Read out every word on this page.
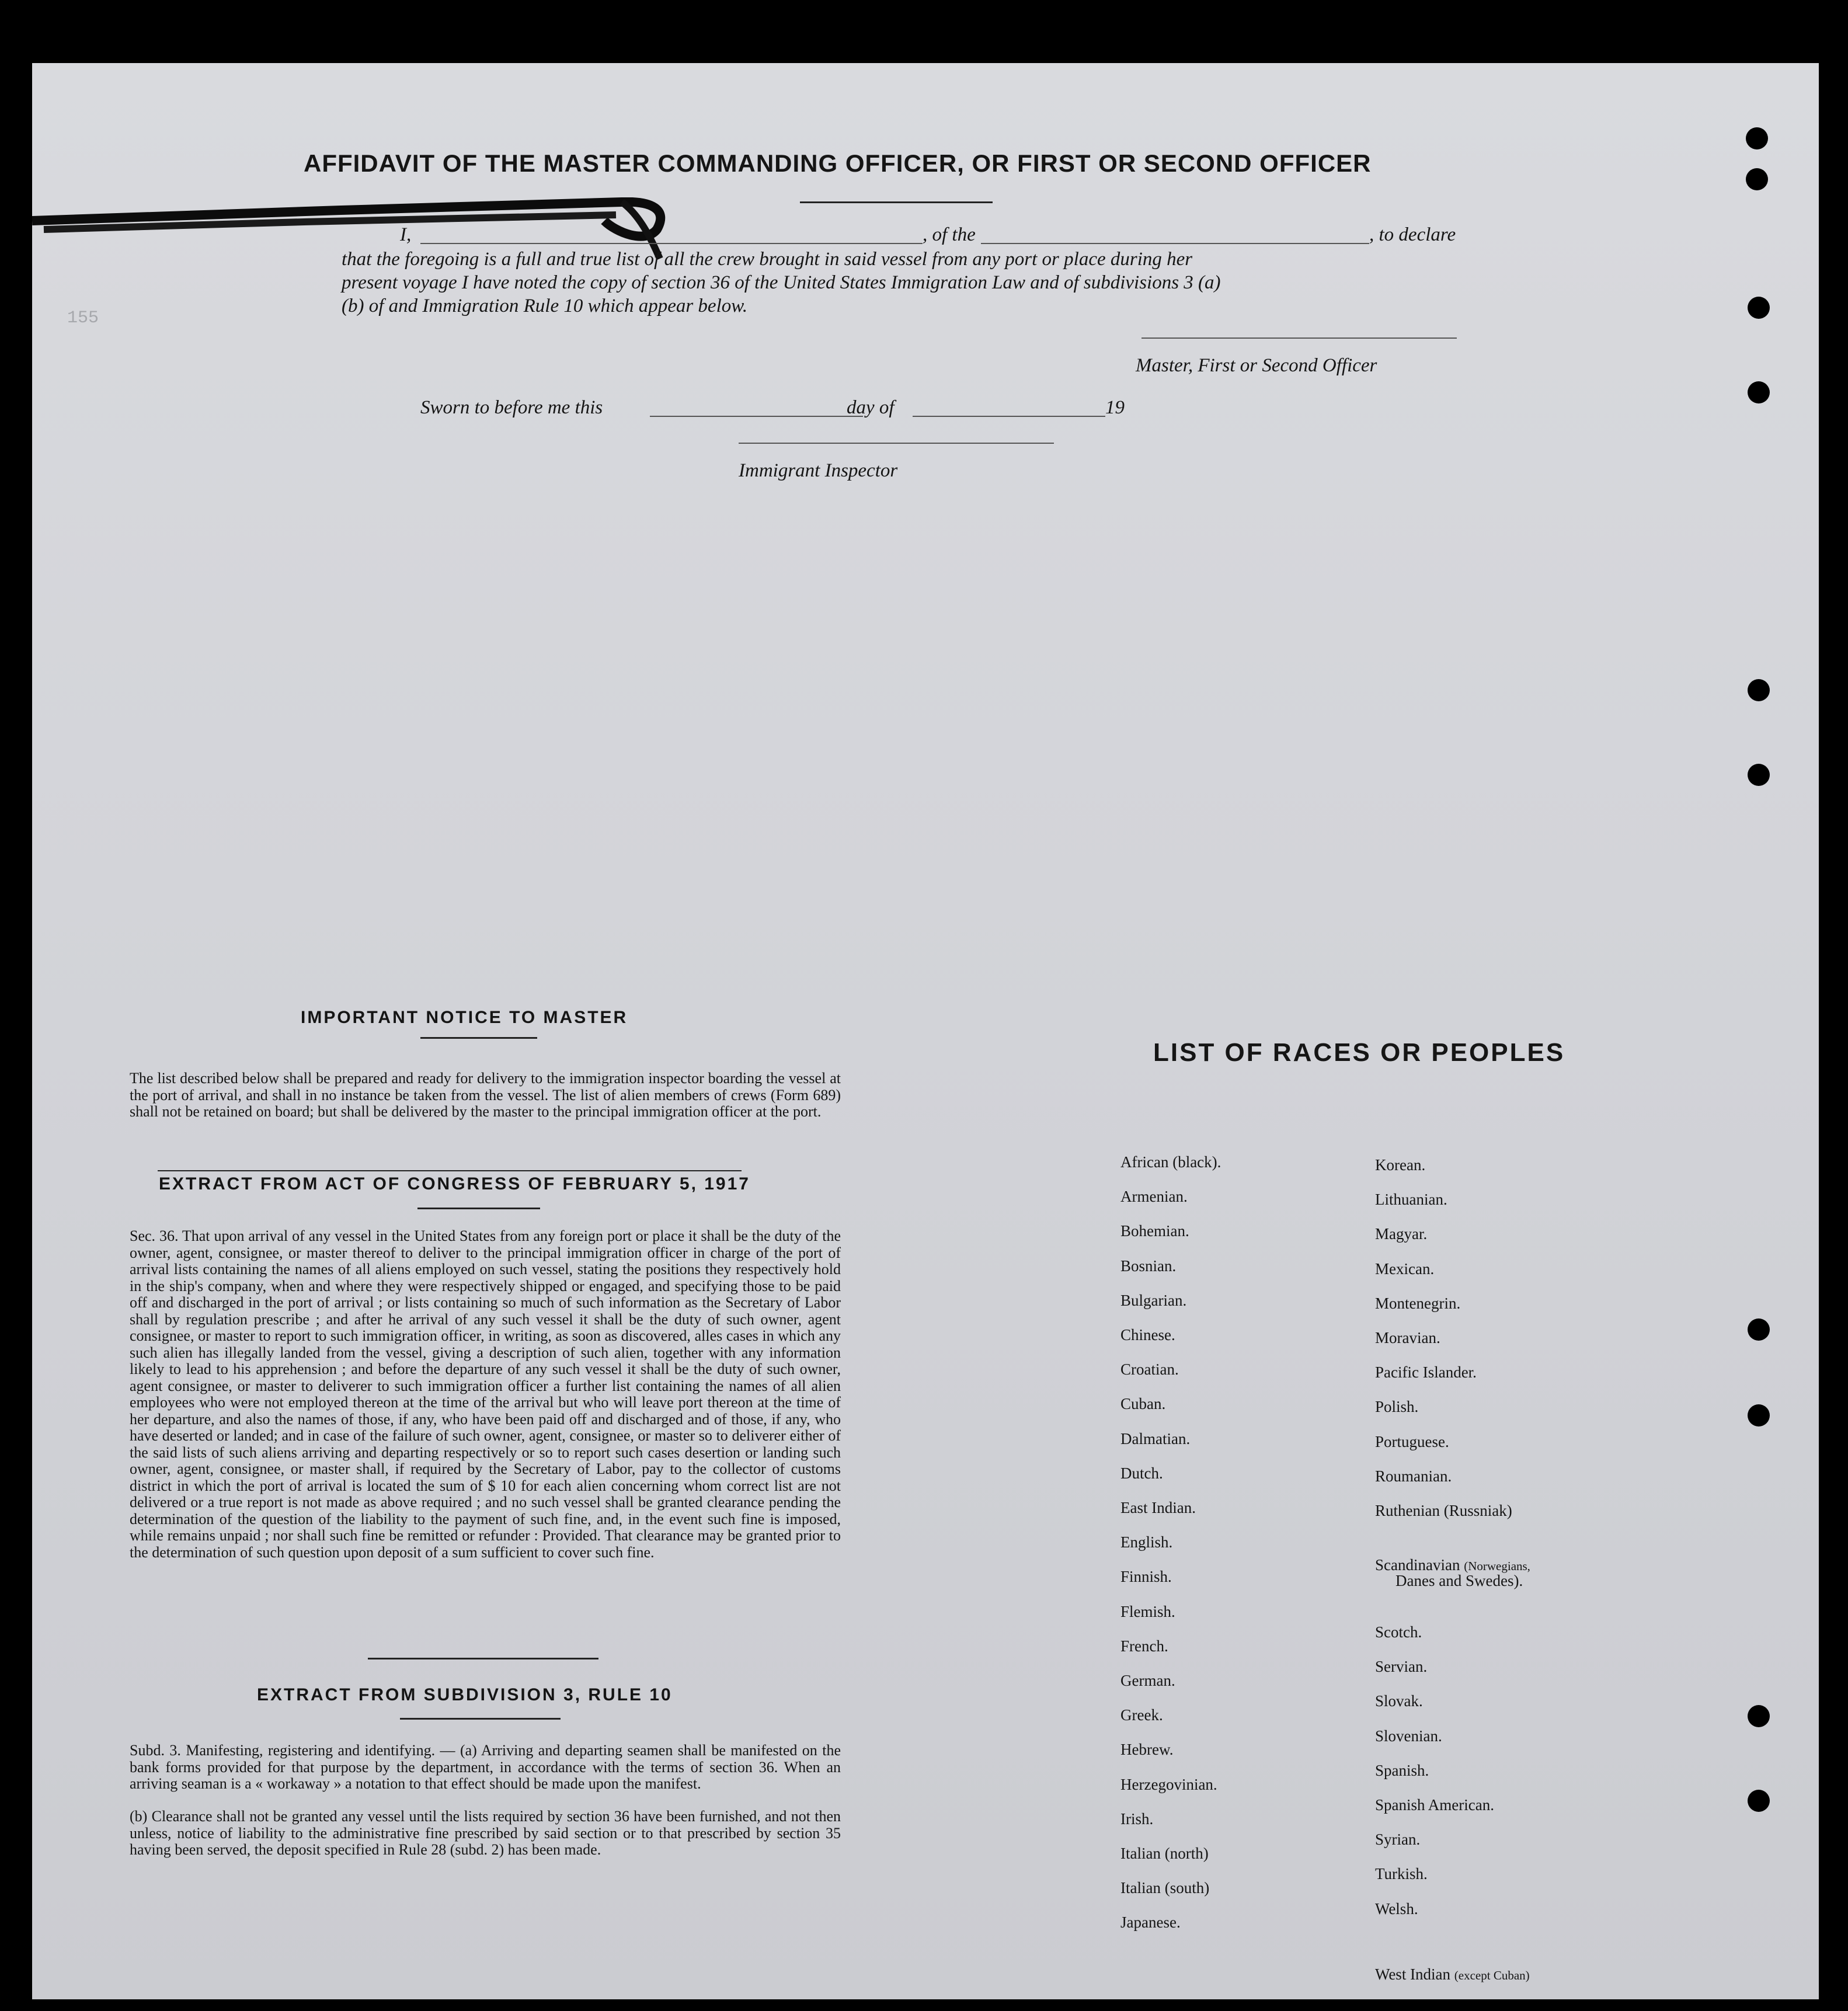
155
AFFIDAVIT OF THE MASTER COMMANDING OFFICER, OR FIRST OR SECOND OFFICER
I,	, of the	, to declare
that the foregoing is a full and true list of all the crew brought in said vessel from any port or place during her
present voyage I have noted the copy of section 36 of the United States Immigration Law and of subdivisions 3 (a)
(b) of and Immigration Rule 10 which appear below.
Master, First or Second Officer
Sworn to before me this	day of	19
Immigrant Inspector
IMPORTANT NOTICE TO MASTER
The list described below shall be prepared and ready for delivery to the immigration inspector boarding the vessel at the port of arrival, and shall in no instance be taken from the vessel. The list of alien members of crews (Form 689) shall not be retained on board; but shall be delivered by the master to the principal immigration officer at the port.
EXTRACT FROM ACT OF CONGRESS OF FEBRUARY 5, 1917
Sec. 36. That upon arrival of any vessel in the United States from any foreign port or place it shall be the duty of the owner, agent, consignee, or master thereof to deliver to the principal immigration officer in charge of the port of arrival lists containing the names of all aliens employed on such vessel, stating the positions they respectively hold in the ship's company, when and where they were respectively shipped or engaged, and specifying those to be paid off and discharged in the port of arrival ; or lists containing so much of such information as the Secretary of Labor shall by regulation prescribe ; and after he arrival of any such vessel it shall be the duty of such owner, agent consignee, or master to report to such immigration officer, in writing, as soon as discovered, alles cases in which any such alien has illegally landed from the vessel, giving a description of such alien, together with any information likely to lead to his apprehension ; and before the departure of any such vessel it shall be the duty of such owner, agent consignee, or master to deliverer to such immigration officer a further list containing the names of all alien employees who were not employed thereon at the time of the arrival but who will leave port thereon at the time of her departure, and also the names of those, if any, who have been paid off and discharged and of those, if any, who have deserted or landed; and in case of the failure of such owner, agent, consignee, or master so to deliverer either of the said lists of such aliens arriving and departing respectively or so to report such cases desertion or landing such owner, agent, consignee, or master shall, if required by the Secretary of Labor, pay to the collector of customs district in which the port of arrival is located the sum of $ 10 for each alien concerning whom correct list are not delivered or a true report is not made as above required ; and no such vessel shall be granted clearance pending the determination of the question of the liability to the payment of such fine, and, in the event such fine is imposed, while remains unpaid ; nor shall such fine be remitted or refunder : Provided. That clearance may be granted prior to the determination of such question upon deposit of a sum sufficient to cover such fine.
EXTRACT FROM SUBDIVISION 3, RULE 10
Subd. 3. Manifesting, registering and identifying. — (a) Arriving and departing seamen shall be manifested on the bank forms provided for that purpose by the department, in accordance with the terms of section 36. When an arriving seaman is a « workaway » a notation to that effect should be made upon the manifest.
(b) Clearance shall not be granted any vessel until the lists required by section 36 have been furnished, and not then unless, notice of liability to the administrative fine prescribed by said section or to that prescribed by section 35 having been served, the deposit specified in Rule 28 (subd. 2) has been made.
LIST OF RACES OR PEOPLES
African (black).
Armenian.
Bohemian.
Bosnian.
Bulgarian.
Chinese.
Croatian.
Cuban.
Dalmatian.
Dutch.
East Indian.
English.
Finnish.
Flemish.
French.
German.
Greek.
Hebrew.
Herzegovinian.
Irish.
Italian (north)
Italian (south)
Japanese.
Korean.
Lithuanian.
Magyar.
Mexican.
Montenegrin.
Moravian.
Pacific Islander.
Polish.
Portuguese.
Roumanian.
Ruthenian (Russniak)
Scotch.
Servian.
Slovak.
Slovenian.
Spanish.
Spanish American.
Syrian.
Turkish.
Welsh.
Scandinavian (Norwegians,
Danes and Swedes).
West Indian (except Cuban)
